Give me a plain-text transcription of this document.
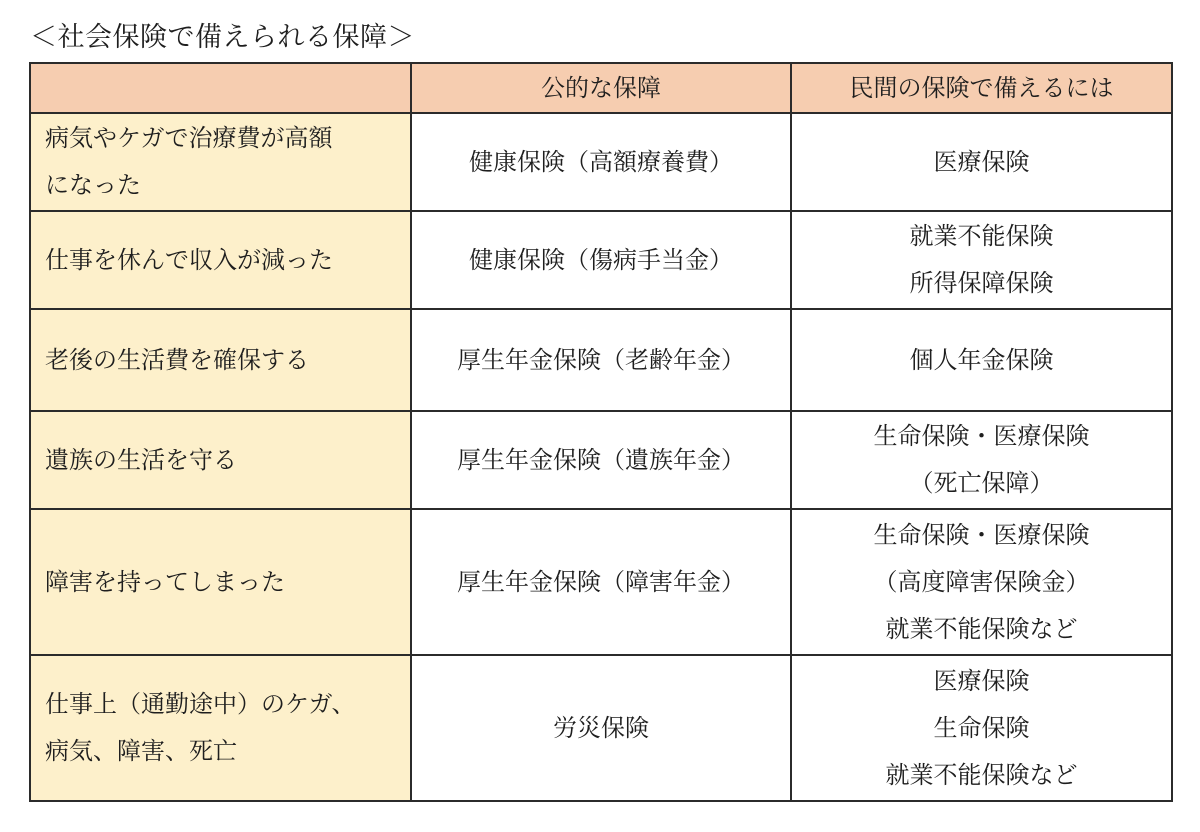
＜社会保険で備えられる保障＞
	公的な保障	民間の保険で備えるには

病気やケガで治療費が高額
になった	健康保険（高額療養費）	医療保険

仕事を休んで収入が減った	健康保険（傷病手当金）	就業不能保険
所得保障保険

老後の生活費を確保する	厚生年金保険（老齢年金）	個人年金保険

遺族の生活を守る	厚生年金保険（遺族年金）	生命保険・医療保険
（死亡保障）

障害を持ってしまった	厚生年金保険（障害年金）	生命保険・医療保険
（高度障害保険金）
就業不能保険など

仕事上（通勤途中）のケガ、
病気、障害、死亡	労災保険	医療保険
生命保険
就業不能保険など
